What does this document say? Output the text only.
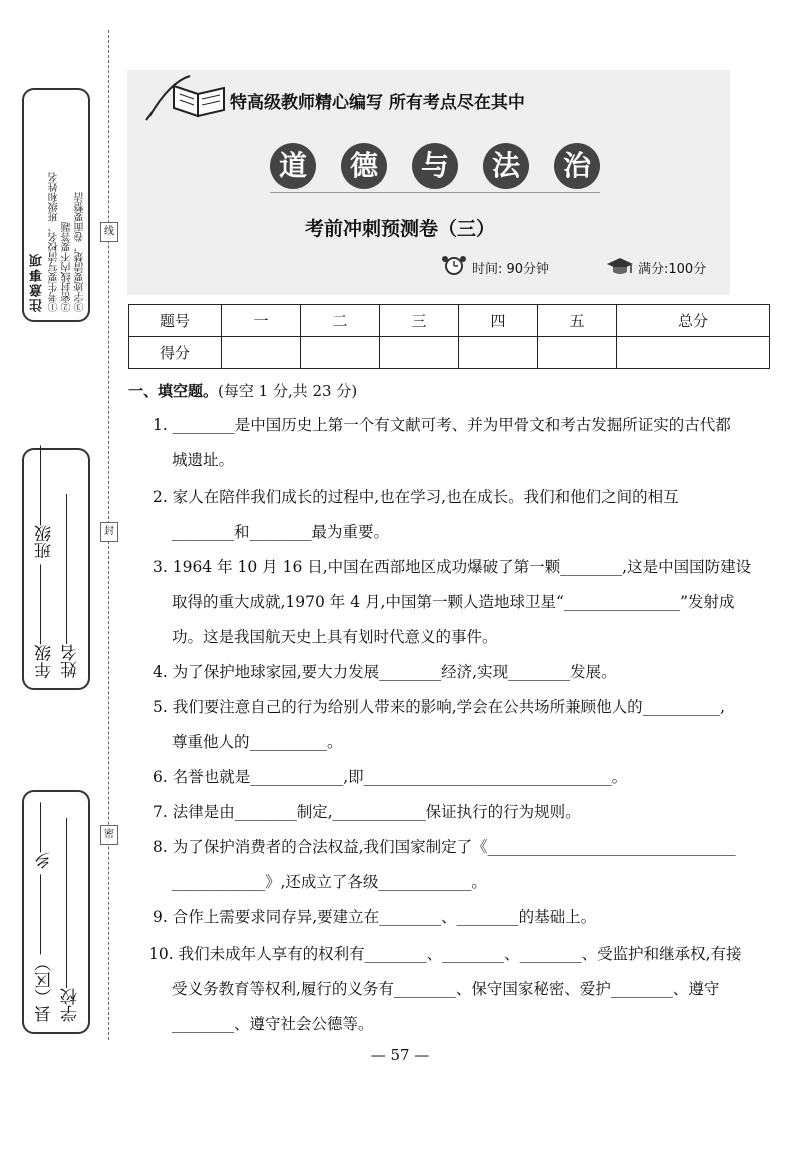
线
封
密
注意事项 ①考生要写清校名、班级和姓名 ②密封线内不要答题 ③字迹要清楚，卷面要整洁
年级 班级
姓名
县（区） 乡
学校
特高级教师精心编写 所有考点尽在其中
道	德	与	法	治
考前冲刺预测卷（三）
时间: 90分钟	满分:100分
题号	一	二	三	四	五	总分
得分						
一、填空题。(每空 1 分,共 23 分)
1. ________是中国历史上第一个有文献可考、并为甲骨文和考古发掘所证实的古代都
城遗址。
2. 家人在陪伴我们成长的过程中,也在学习,也在成长。我们和他们之间的相互
________和________最为重要。
3. 1964 年 10 月 16 日,中国在西部地区成功爆破了第一颗________,这是中国国防建设
取得的重大成就,1970 年 4 月,中国第一颗人造地球卫星“_______________”发射成
功。这是我国航天史上具有划时代意义的事件。
4. 为了保护地球家园,要大力发展________经济,实现________发展。
5. 我们要注意自己的行为给别人带来的影响,学会在公共场所兼顾他人的__________,
尊重他人的__________。
6. 名誉也就是____________,即________________________________。
7. 法律是由________制定,____________保证执行的行为规则。
8. 为了保护消费者的合法权益,我们国家制定了《________________________________
____________》,还成立了各级____________。
9. 合作上需要求同存异,要建立在________、________的基础上。
10. 我们未成年人享有的权利有________、________、________、受监护和继承权,有接
受义务教育等权利,履行的义务有________、保守国家秘密、爱护________、遵守
________、遵守社会公德等。
— 57 —
